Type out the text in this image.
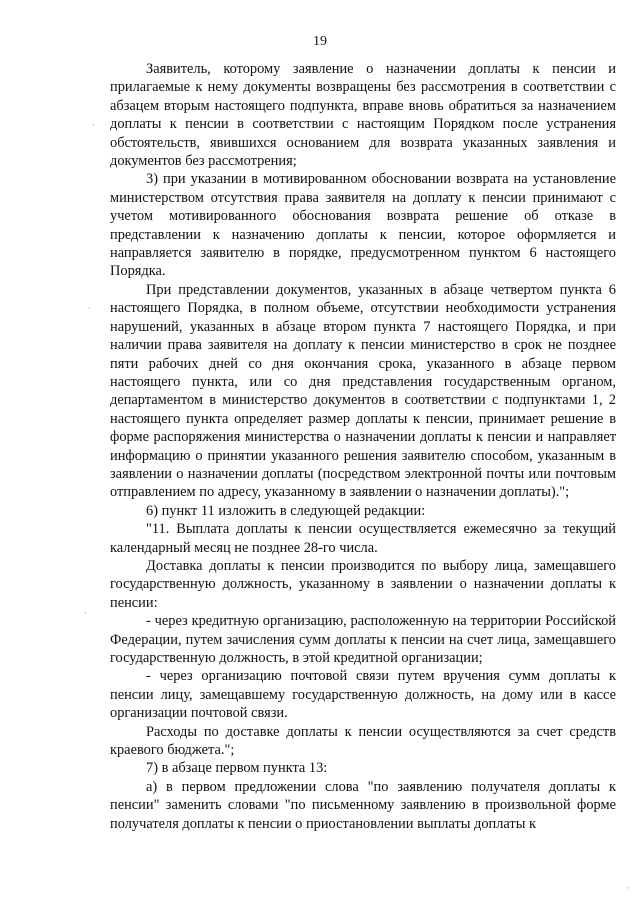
19

Заявитель, которому заявление о назначении доплаты к пенсии и прилагаемые к нему документы возвращены без рассмотрения в соответствии с абзацем вторым настоящего подпункта, вправе вновь обратиться за назначением доплаты к пенсии в соответствии с настоящим Порядком после устранения обстоятельств, явившихся основанием для возврата указанных заявления и документов без рассмотрения;

3) при указании в мотивированном обосновании возврата на установление министерством отсутствия права заявителя на доплату к пенсии принимают с учетом мотивированного обоснования возврата решение об отказе в представлении к назначению доплаты к пенсии, которое оформляется и направляется заявителю в порядке, предусмотренном пунктом 6 настоящего Порядка.

При представлении документов, указанных в абзаце четвертом пункта 6 настоящего Порядка, в полном объеме, отсутствии необходимости устранения нарушений, указанных в абзаце втором пункта 7 настоящего Порядка, и при наличии права заявителя на доплату к пенсии министерство в срок не позднее пяти рабочих дней со дня окончания срока, указанного в абзаце первом настоящего пункта, или со дня представления государственным органом, департаментом в министерство документов в соответствии с подпунктами 1, 2 настоящего пункта определяет размер доплаты к пенсии, принимает решение в форме распоряжения министерства о назначении доплаты к пенсии и направляет информацию о принятии указанного решения заявителю способом, указанным в заявлении о назначении доплаты (посредством электронной почты или почтовым отправлением по адресу, указанному в заявлении о назначении доплаты).";

6) пункт 11 изложить в следующей редакции:

"11. Выплата доплаты к пенсии осуществляется ежемесячно за текущий календарный месяц не позднее 28-го числа.

Доставка доплаты к пенсии производится по выбору лица, замещавшего государственную должность, указанному в заявлении о назначении доплаты к пенсии:

- через кредитную организацию, расположенную на территории Российской Федерации, путем зачисления сумм доплаты к пенсии на счет лица, замещавшего государственную должность, в этой кредитной организации;

- через организацию почтовой связи путем вручения сумм доплаты к пенсии лицу, замещавшему государственную должность, на дому или в кассе организации почтовой связи.

Расходы по доставке доплаты к пенсии осуществляются за счет средств краевого бюджета.";

7) в абзаце первом пункта 13:

а) в первом предложении слова "по заявлению получателя доплаты к пенсии" заменить словами "по письменному заявлению в произвольной форме получателя доплаты к пенсии о приостановлении выплаты доплаты к

·
·
·
·
